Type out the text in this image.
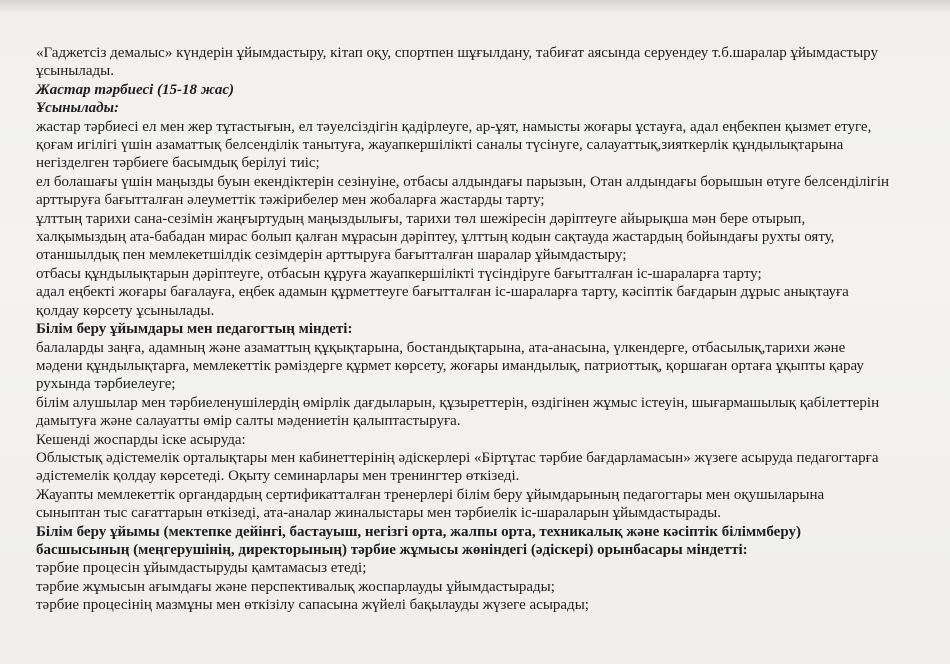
«Гаджетсіз демалыс» күндерін ұйымдастыру, кітап оқу, спортпен шұғылдану, табиғат аясында серуендеу т.б.шаралар ұйымдастыру
ұсынылады.
Жастар тәрбиесі (15-18 жас)
Ұсынылады:
жастар тәрбиесі ел мен жер тұтастығын, ел тәуелсіздігін қадірлеуге, ар-ұят, намысты жоғары ұстауға, адал еңбекпен қызмет етуге,
қоғам игілігі үшін азаматтық белсенділік танытуға, жауапкершілікті саналы түсінуге, салауаттық,зияткерлік құндылықтарына
негізделген тәрбиеге басымдық берілуі тиіс;
ел болашағы үшін маңызды буын екендіктерін сезінуіне, отбасы алдындағы парызын, Отан алдындағы борышын өтуге белсенділігін
арттыруға бағытталған әлеуметтік тәжірибелер мен жобаларға жастарды тарту;
ұлттың тарихи сана-сезімін жаңғыртудың маңыздылығы, тарихи төл шежіресін дәріптеуге айырықша мән бере отырып,
халқымыздың ата-бабадан мирас болып қалған мұрасын дәріптеу, ұлттың кодын сақтауда жастардың бойындағы рухты ояту,
отаншылдық пен мемлекетшілдік сезімдерін арттыруға бағытталған шаралар ұйымдастыру;
отбасы құндылықтарын дәріптеуге, отбасын құруға жауапкершілікті түсіндіруге бағытталған іс-шараларға тарту;
адал еңбекті жоғары бағалауға, еңбек адамын құрметтеуге бағытталған іс-шараларға тарту, кәсіптік бағдарын дұрыс анықтауға
қолдау көрсету ұсынылады.
Білім беру ұйымдары мен педагогтың міндеті:
балаларды заңға, адамның және азаматтың құқықтарына, бостандықтарына, ата-анасына, үлкендерге, отбасылық,тарихи және
мәдени құндылықтарға, мемлекеттік рәміздерге құрмет көрсету, жоғары имандылық, патриоттық, қоршаған ортаға ұқыпты қарау
рухында тәрбиелеуге;
білім алушылар мен тәрбиеленушілердің өмірлік дағдыларын, құзыреттерін, өздігінен жұмыс істеуін, шығармашылық қабілеттерін
дамытуға және салауатты өмір салты мәдениетін қалыптастыруға.
Кешенді жоспарды іске асыруда:
Облыстық әдістемелік орталықтары мен кабинеттерінің әдіскерлері «Біртұтас тәрбие бағдарламасын» жүзеге асыруда педагогтарға
әдістемелік қолдау көрсетеді. Оқыту семинарлары мен тренингтер өткізеді.
Жауапты мемлекеттік органдардың сертификатталған тренерлері білім беру ұйымдарының педагогтары мен оқушыларына
сыныптан тыс сағаттарын өткізеді, ата-аналар жиналыстары мен тәрбиелік іс-шараларын ұйымдастырады.
Білім беру ұйымы (мектепке дейінгі, бастауыш, негізгі орта, жалпы орта, техникалық және кәсіптік біліммберу)
басшысының (меңгерушінің, директорының) тәрбие жұмысы жөніндегі (әдіскері) орынбасары міндетті:
тәрбие процесін ұйымдастыруды қамтамасыз етеді;
тәрбие жұмысын ағымдағы және перспективалық жоспарлауды ұйымдастырады;
тәрбие процесінің мазмұны мен өткізілу сапасына жүйелі бақылауды жүзеге асырады;
